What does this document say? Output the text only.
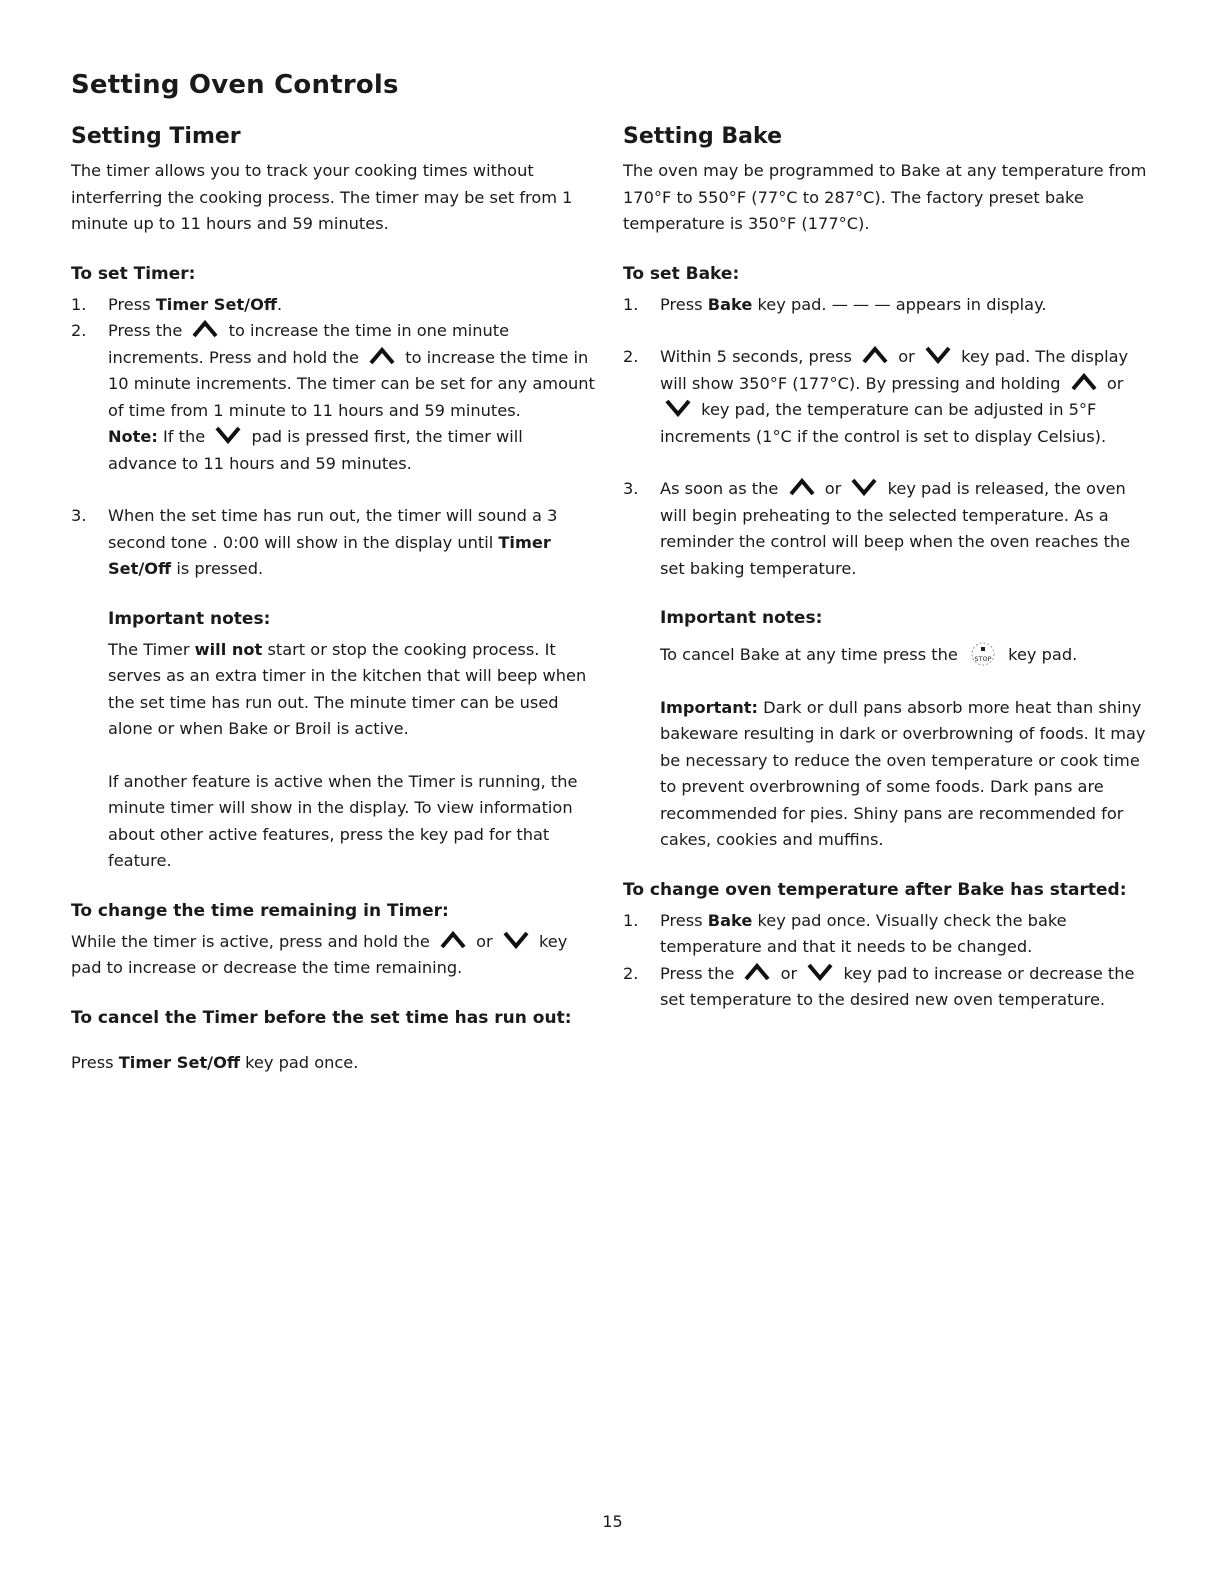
Setting Oven Controls
Setting Timer

The timer allows you to track your cooking times without interferring the cooking process. The timer may be set from 1 minute up to 11 hours and 59 minutes.

To set Timer:
1. Press Timer Set/Off.
2. Press the	to increase the time in one minute increments. Press and hold the	to increase the time in 10 minute increments. The timer can be set for any amount of time from 1 minute to 11 hours and 59 minutes.
Note: If the	pad is pressed first, the timer will advance to 11 hours and 59 minutes.
3. When the set time has run out, the timer will sound a 3 second tone . 0:00 will show in the display until Timer Set/Off is pressed.
Important notes:

The Timer will not start or stop the cooking process. It serves as an extra timer in the kitchen that will beep when the set time has run out. The minute timer can be used alone or when Bake or Broil is active.

If another feature is active when the Timer is running, the minute timer will show in the display. To view information about other active features, press the key pad for that feature.

To change the time remaining in Timer:

While the timer is active, press and hold the	or	key pad to increase or decrease the time remaining.

To cancel the Timer before the set time has run out:

Press Timer Set/Off key pad once.

Setting Bake

The oven may be programmed to Bake at any temperature from 170°F to 550°F (77°C to 287°C). The factory preset bake temperature is 350°F (177°C).

To set Bake:
1. Press Bake key pad. — — — appears in display.
2. Within 5 seconds, press	or	key pad. The display will show 350°F (177°C). By pressing and holding	or
key pad, the temperature can be adjusted in 5°F increments (1°C if the control is set to display Celsius).
3. As soon as the	or	key pad is released, the oven will begin preheating to the selected temperature. As a reminder the control will beep when the oven reaches the set baking temperature.
Important notes:

To cancel Bake at any time press the	STOP key pad.

Important: Dark or dull pans absorb more heat than shiny bakeware resulting in dark or overbrowning of foods. It may be necessary to reduce the oven temperature or cook time to prevent overbrowning of some foods. Dark pans are recommended for pies. Shiny pans are recommended for cakes, cookies and muffins.

To change oven temperature after Bake has started:
1. Press Bake key pad once. Visually check the bake temperature and that it needs to be changed.
2. Press the	or	key pad to increase or decrease the set temperature to the desired new oven temperature.
15
